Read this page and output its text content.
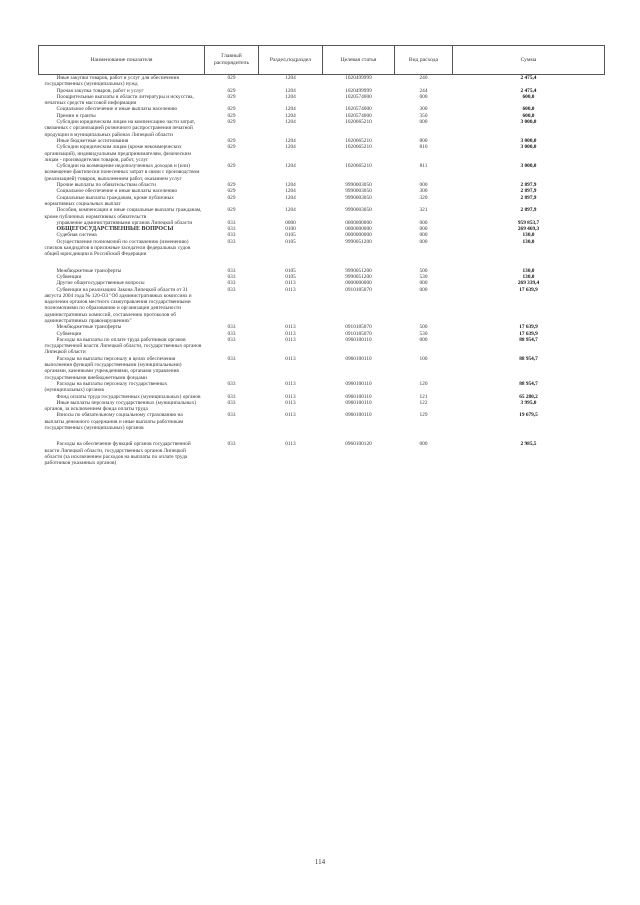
Наименование показателя	Главный распорядитель	Раздел,подраздел	Целевая статья	Вид расхода	Сумма
Иные закупки товаров, работ и услуг для обеспечения государственных (муниципальных) нужд	029	1204	1020499999	240	2 475,4
Прочая закупка товаров, работ и услуг	029	1204	1020499999	244	2 475,4
Поощрительные выплаты в области литературы и искусства, печатных средств массовой информации	029	1204	1020574000	000	600,0
Социальное обеспечение и иные выплаты населению	029	1204	1020574000	300	600,0
Премии и гранты	029	1204	1020574000	350	600,0
Субсидии юридическим лицам на компенсацию части затрат, связанных с организацией розничного распространения печатной продукции в муниципальных районах Липецкой области	029	1204	1020665210	000	3 000,0
Иные бюджетные ассигнования	029	1204	1020665210	800	3 000,0
Субсидии юридическим лицам (кроме некоммерческих организаций), индивидуальным предпринимателям, физическим лицам - производителям товаров, работ, услуг	029	1204	1020665210	810	3 000,0
Субсидии на возмещение недополученных доходов и (или) возмещение фактически понесенных затрат в связи с производством (реализацией) товаров, выполнением работ, оказанием услуг	029	1204	1020665210	811	3 000,0
Прочие выплаты по обязательствам области	029	1204	9990003050	000	2 897,9
Социальное обеспечение и иные выплаты населению	029	1204	9990003050	300	2 897,9
Социальные выплаты гражданам, кроме публичных нормативных социальных выплат	029	1204	9990003050	320	2 897,9
Пособия, компенсации и иные социальные выплаты гражданам, кроме публичных нормативных обязательств	029	1204	9990003050	321	2 897,9
управление административными органов Липецкой области	033	0000	0000000000	000	959 853,7
ОБЩЕГОСУДАРСТВЕННЫЕ ВОПРОСЫ	033	0100	0000000000	000	269 469,3
Судебная система	033	0105	0000000000	000	130,0
Осуществление полномочий по составлению (изменению) списков кандидатов в присяжные заседатели федеральных судов общей юрисдикции в Российской Федерации	033	0105	9990051200	000	130,0

Межбюджетные трансферты	033	0105	9990051200	500	130,0
Субвенции	033	0105	9990051200	530	130,0
Другие общегосударственные вопросы	033	0113	0000000000	000	269 339,4
Субвенции на реализацию Закона Липецкой области от 31 августа 2004 года № 120-ОЗ "Об административных комиссиях и наделении органов местного самоуправления государственными полномочиями по образованию и организации деятельности административных комиссий, составлению протоколов об административных правонарушениях"	033	0113	0910185070	000	17 639,9
Межбюджетные трансферты	033	0113	0910185070	500	17 639,9
Субвенции	033	0113	0910185070	530	17 639,9
Расходы на выплаты по оплате труда работников органов государственной власти Липецкой области, государственных органов Липецкой области	033	0113	0960100110	000	88 954,7
Расходы на выплаты персоналу в целях обеспечения выполнения функций государственными (муниципальными) органами, казенными учреждениями, органами управления государственными внебюджетными фондами	033	0113	0960100110	100	88 954,7
Расходы на выплаты персоналу государственных (муниципальных) органов	033	0113	0960100110	120	88 954,7
Фонд оплаты труда государственных (муниципальных) органов	033	0113	0960100110	121	65 280,2
Иные выплаты персоналу государственных (муниципальных) органов, за исключением фонда оплаты труда	033	0113	0960100110	122	3 995,0
Взносы по обязательному социальному страхованию на выплаты денежного содержания и иные выплаты работникам государственных (муниципальных) органов	033	0113	0960100110	129	19 679,5

Расходы на обеспечение функций органов государственной власти Липецкой области, государственных органов Липецкой области (за исключением расходов на выплаты по оплате труда работников указанных органов)	033	0113	0960100120	000	2 985,5
114
